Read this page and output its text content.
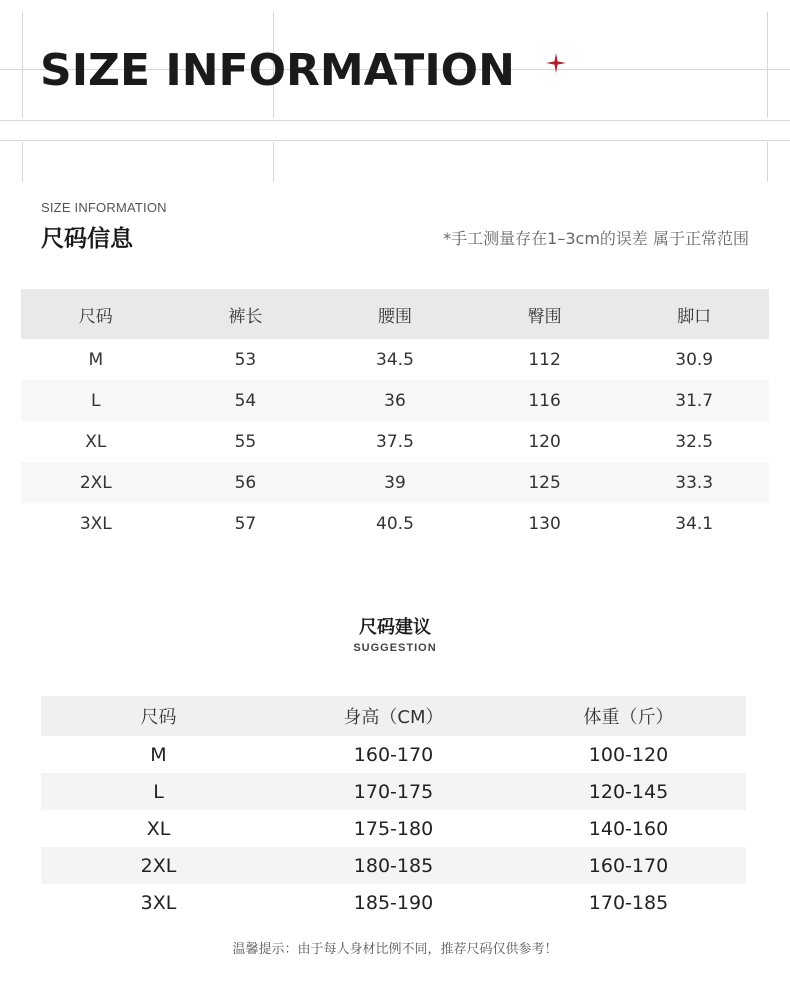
SIZE INFORMATION
SIZE INFORMATION
尺码信息	*手工测量存在1–3cm的误差 属于正常范围
尺码	裤长	腰围	臀围	脚口
M	53	34.5	112	30.9
L	54	36	116	31.7
XL	55	37.5	120	32.5
2XL	56	39	125	33.3
3XL	57	40.5	130	34.1
尺码建议
SUGGESTION
尺码	身高（CM）	体重（斤）
M	160-170	100-120
L	170-175	120-145
XL	175-180	140-160
2XL	180-185	160-170
3XL	185-190	170-185
温馨提示：由于每人身材比例不同，推荐尺码仅供参考！
